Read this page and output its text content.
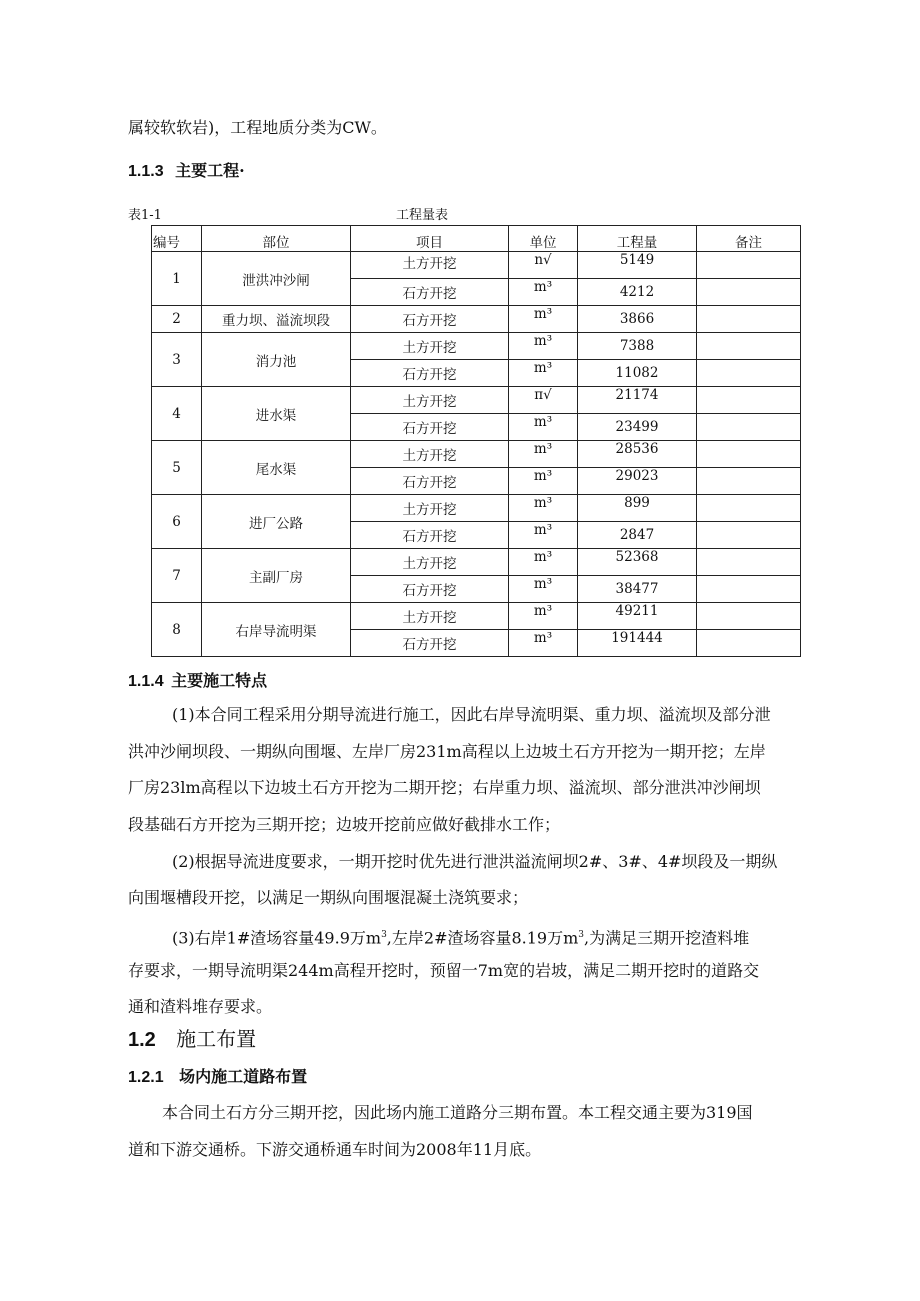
属较软软岩)，工程地质分类为CW。
1.1.3 主要工程·
表1-1	工程量表
编号	部位	项目	单位	工程量	备注
1	泄洪冲沙闸	土方开挖	n√	5149	
		石方开挖	m³	4212	
2	重力坝、溢流坝段	石方开挖	m³	3866	
3	消力池	土方开挖	m³	7388	
		石方开挖	m³	11082	
4	进水渠	土方开挖	π√	21174	
		石方开挖	m³	23499	
5	尾水渠	土方开挖	m³	28536	
		石方开挖	m³	29023	
6	进厂公路	土方开挖	m³	899	
		石方开挖	m³	2847	
7	主副厂房	土方开挖	m³	52368	
		石方开挖	m³	38477	
8	右岸导流明渠	土方开挖	m³	49211	
		石方开挖	m³	191444	
1.1.4 主要施工特点
(1)本合同工程采用分期导流进行施工，因此右岸导流明渠、重力坝、溢流坝及部分泄
洪冲沙闸坝段、一期纵向围堰、左岸厂房231m高程以上边坡土石方开挖为一期开挖；左岸
厂房23lm高程以下边坡土石方开挖为二期开挖；右岸重力坝、溢流坝、部分泄洪冲沙闸坝
段基础石方开挖为三期开挖；边坡开挖前应做好截排水工作；
(2)根据导流进度要求，一期开挖时优先进行泄洪溢流闸坝2#、3#、4#坝段及一期纵
向围堰槽段开挖，以满足一期纵向围堰混凝土浇筑要求；
(3)右岸1#渣场容量49.9万$m^3$,左岸2#渣场容量8.19万$m^3$,为满足三期开挖渣料堆
存要求，一期导流明渠244m高程开挖时，预留一7m宽的岩坡，满足二期开挖时的道路交
通和渣料堆存要求。
1.2 施工布置
1.2.1 场内施工道路布置
本合同土石方分三期开挖，因此场内施工道路分三期布置。本工程交通主要为319国
道和下游交通桥。下游交通桥通车时间为2008年11月底。
